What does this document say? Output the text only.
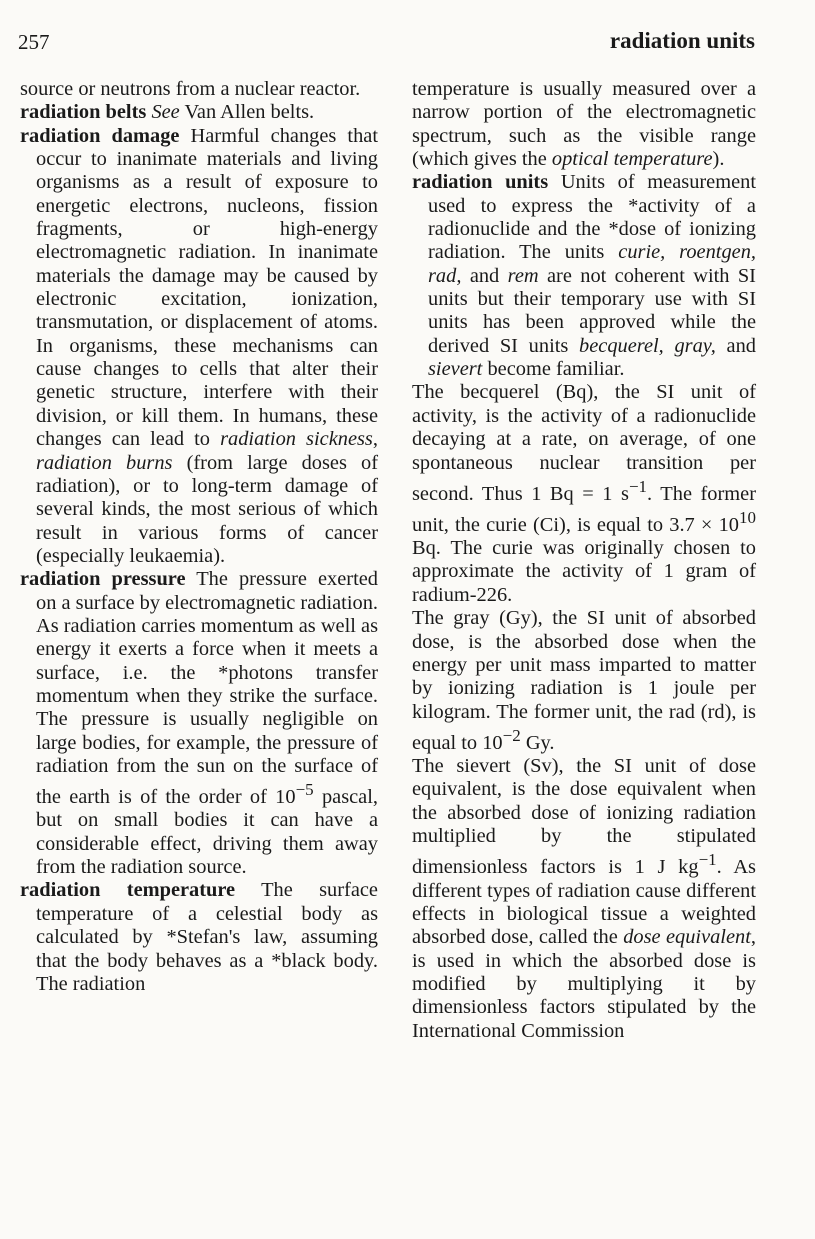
257	radiation units

source or neutrons from a nuclear reactor.

radiation belts See Van Allen belts.

radiation damage Harmful changes that occur to inanimate materials and living organisms as a result of exposure to energetic electrons, nucleons, fission fragments, or high-energy electromagnetic radiation. In inanimate materials the damage may be caused by electronic excitation, ionization, transmutation, or displacement of atoms. In organisms, these mechanisms can cause changes to cells that alter their genetic structure, interfere with their division, or kill them. In humans, these changes can lead to radiation sickness, radiation burns (from large doses of radiation), or to long-term damage of several kinds, the most serious of which result in various forms of cancer (especially leukaemia).

radiation pressure The pressure exerted on a surface by electromagnetic radiation. As radiation carries momentum as well as energy it exerts a force when it meets a surface, i.e. the *photons transfer momentum when they strike the surface. The pressure is usually negligible on large bodies, for example, the pressure of radiation from the sun on the surface of the earth is of the order of $10^{-5}$ pascal, but on small bodies it can have a considerable effect, driving them away from the radiation source.

radiation temperature The surface temperature of a celestial body as calculated by *Stefan's law, assuming that the body behaves as a *black body. The radiation

temperature is usually measured over a narrow portion of the electromagnetic spectrum, such as the visible range (which gives the optical temperature).

radiation units Units of measurement used to express the *activity of a radionuclide and the *dose of ionizing radiation. The units curie, roentgen, rad, and rem are not coherent with SI units but their temporary use with SI units has been approved while the derived SI units becquerel, gray, and sievert become familiar.

The becquerel (Bq), the SI unit of activity, is the activity of a radionuclide decaying at a rate, on average, of one spontaneous nuclear transition per second. Thus 1 Bq = 1 $s^{-1}$. The former unit, the curie (Ci), is equal to $3.7 \times 10^{10}$ Bq. The curie was originally chosen to approximate the activity of 1 gram of radium-226.

The gray (Gy), the SI unit of absorbed dose, is the absorbed dose when the energy per unit mass imparted to matter by ionizing radiation is 1 joule per kilogram. The former unit, the rad (rd), is equal to $10^{-2}$ Gy.

The sievert (Sv), the SI unit of dose equivalent, is the dose equivalent when the absorbed dose of ionizing radiation multiplied by the stipulated dimensionless factors is 1 J $kg^{-1}$. As different types of radiation cause different effects in biological tissue a weighted absorbed dose, called the dose equivalent, is used in which the absorbed dose is modified by multiplying it by dimensionless factors stipulated by the International Commission
